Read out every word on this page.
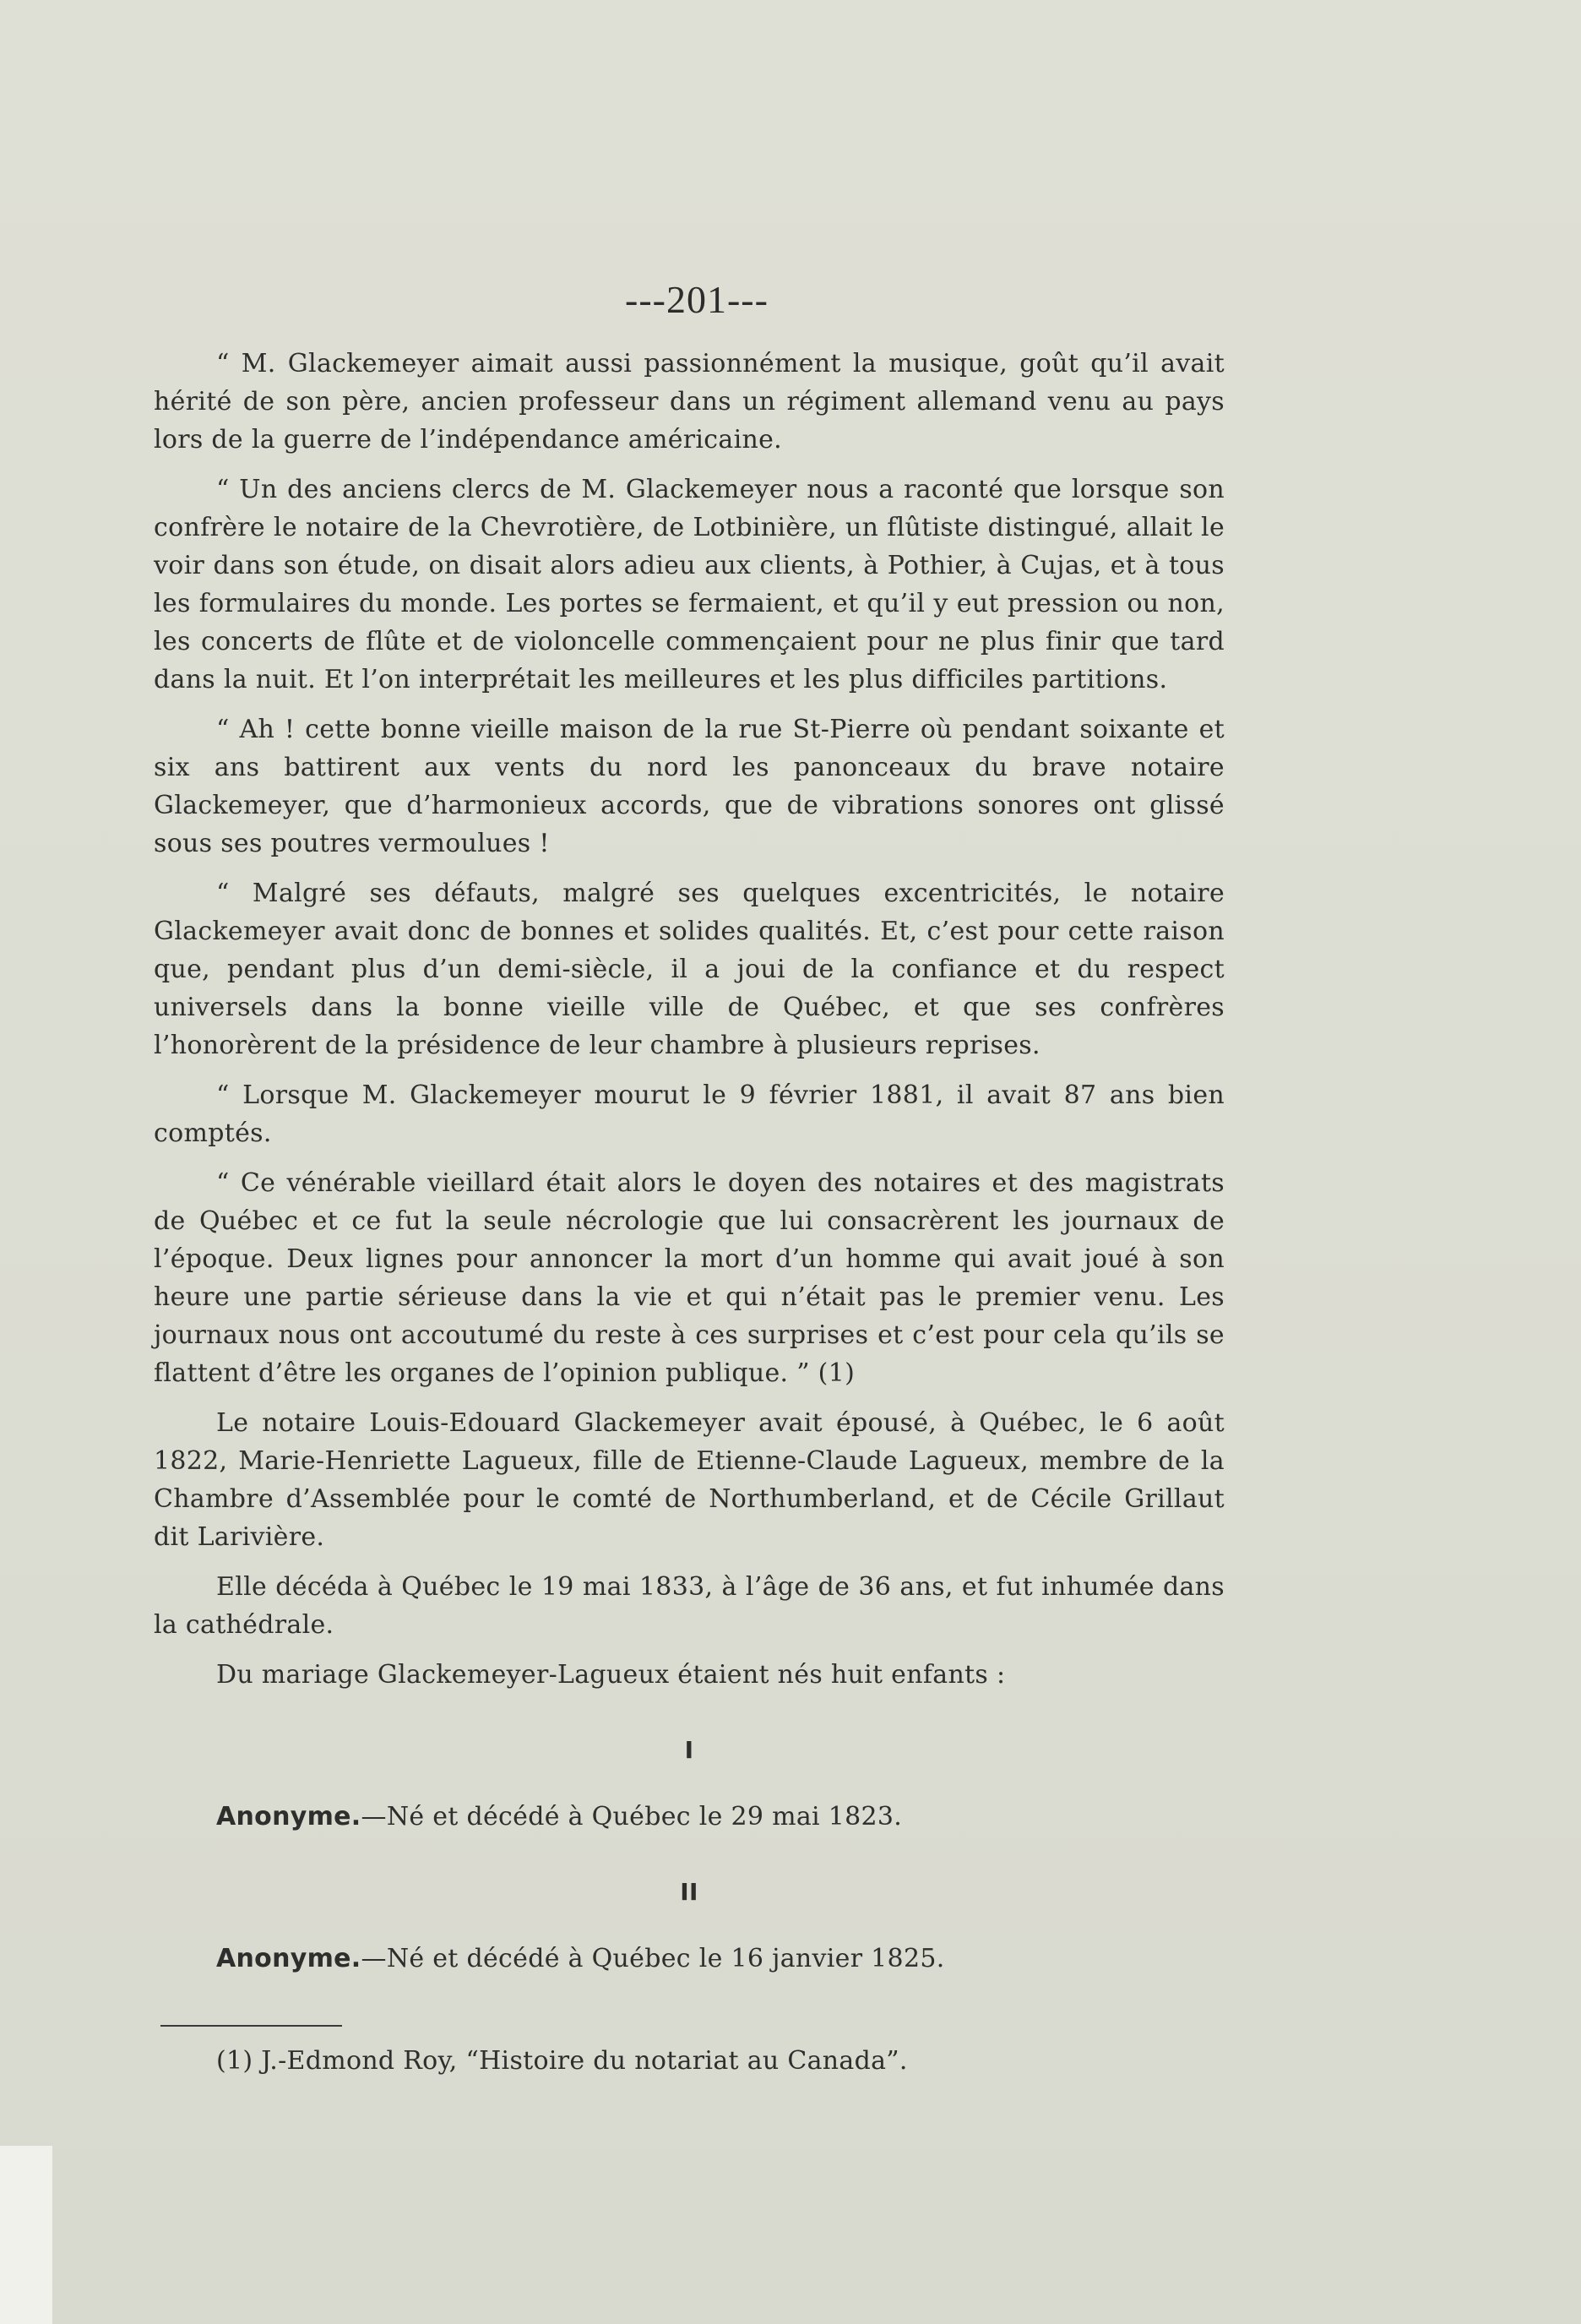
---201---

“ M. Glackemeyer aimait aussi passionnément la musique, goût qu’il avait hérité de son père, ancien professeur dans un régiment allemand venu au pays lors de la guerre de l’indépendance américaine.

“ Un des anciens clercs de M. Glackemeyer nous a raconté que lorsque son confrère le notaire de la Chevrotière, de Lotbinière, un flûtiste distingué, allait le voir dans son étude, on disait alors adieu aux clients, à Pothier, à Cujas, et à tous les formulaires du monde. Les portes se fermaient, et qu’il y eut pression ou non, les concerts de flûte et de violoncelle commençaient pour ne plus finir que tard dans la nuit. Et l’on interprétait les meilleures et les plus difficiles partitions.

“ Ah ! cette bonne vieille maison de la rue St-Pierre où pendant soixante et six ans battirent aux vents du nord les panonceaux du brave notaire Glackemeyer, que d’harmonieux accords, que de vibrations sonores ont glissé sous ses poutres vermoulues !

“ Malgré ses défauts, malgré ses quelques excentricités, le notaire Glackemeyer avait donc de bonnes et solides qualités. Et, c’est pour cette raison que, pendant plus d’un demi-siècle, il a joui de la confiance et du respect universels dans la bonne vieille ville de Québec, et que ses confrères l’honorèrent de la présidence de leur chambre à plusieurs reprises.

“ Lorsque M. Glackemeyer mourut le 9 février 1881, il avait 87 ans bien comptés.

“ Ce vénérable vieillard était alors le doyen des notaires et des magistrats de Québec et ce fut la seule nécrologie que lui consacrèrent les journaux de l’époque. Deux lignes pour annoncer la mort d’un homme qui avait joué à son heure une partie sérieuse dans la vie et qui n’était pas le premier venu. Les journaux nous ont accoutumé du reste à ces surprises et c’est pour cela qu’ils se flattent d’être les organes de l’opinion publique. ” (1)

Le notaire Louis-Edouard Glackemeyer avait épousé, à Québec, le 6 août 1822, Marie-Henriette Lagueux, fille de Etienne-Claude Lagueux, membre de la Chambre d’Assemblée pour le comté de Northumberland, et de Cécile Grillaut dit Larivière.

Elle décéda à Québec le 19 mai 1833, à l’âge de 36 ans, et fut inhumée dans la cathédrale.

Du mariage Glackemeyer-Lagueux étaient nés huit enfants :

I

Anonyme.—Né et décédé à Québec le 29 mai 1823.

II

Anonyme.—Né et décédé à Québec le 16 janvier 1825.

(1) J.-Edmond Roy, “Histoire du notariat au Canada”.
